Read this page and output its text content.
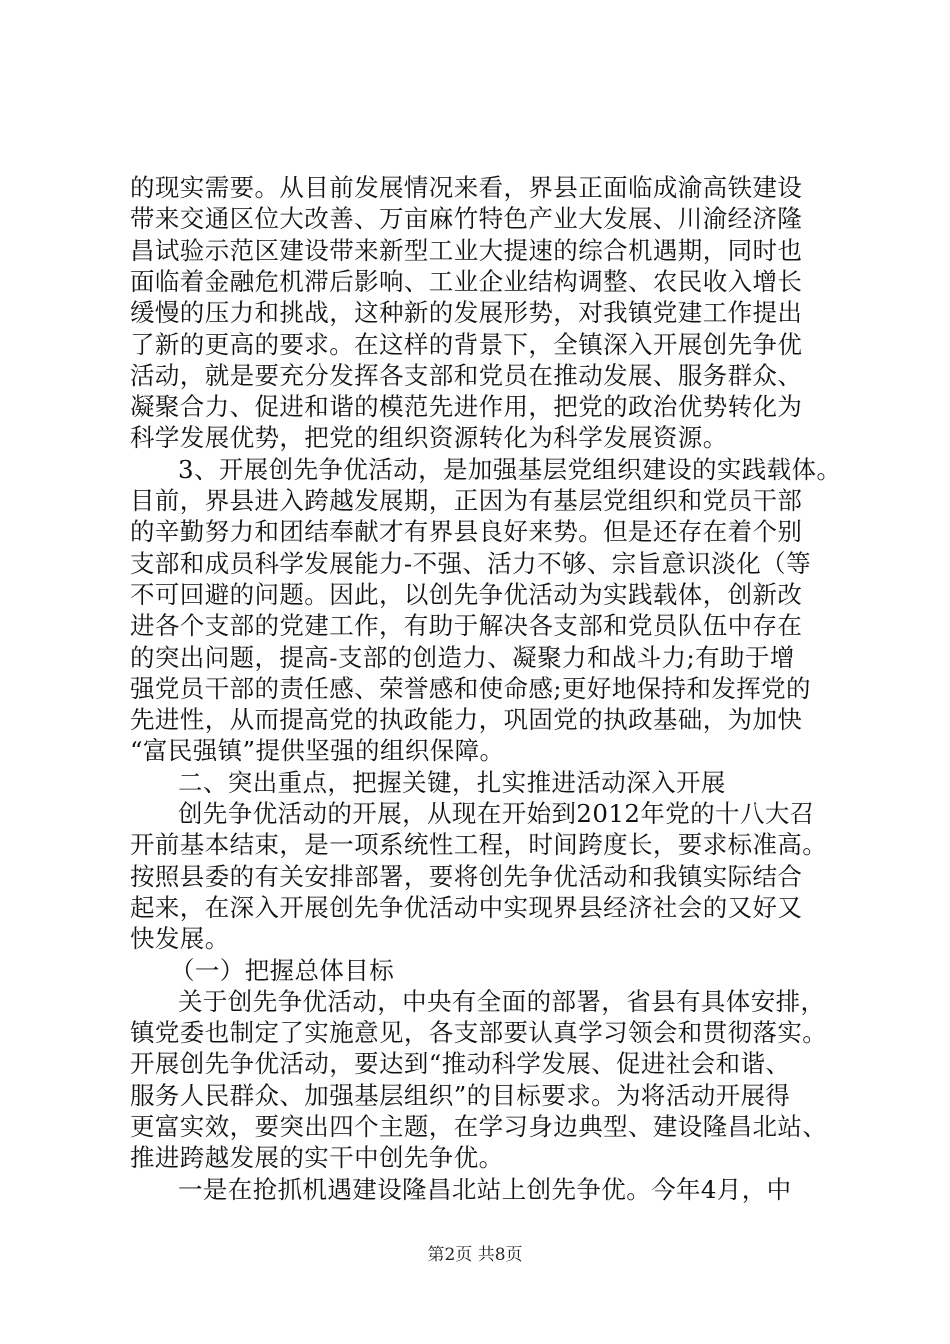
的现实需要。从目前发展情况来看，界县正面临成渝高铁建设
带来交通区位大改善、万亩麻竹特色产业大发展、川渝经济隆
昌试验示范区建设带来新型工业大提速的综合机遇期，同时也
面临着金融危机滞后影响、工业企业结构调整、农民收入增长
缓慢的压力和挑战，这种新的发展形势，对我镇党建工作提出
了新的更高的要求。在这样的背景下，全镇深入开展创先争优
活动，就是要充分发挥各支部和党员在推动发展、服务群众、
凝聚合力、促进和谐的模范先进作用，把党的政治优势转化为
科学发展优势，把党的组织资源转化为科学发展资源。
3、开展创先争优活动，是加强基层党组织建设的实践载体。
目前，界县进入跨越发展期，正因为有基层党组织和党员干部
的辛勤努力和团结奉献才有界县良好来势。但是还存在着个别
支部和成员科学发展能力-不强、活力不够、宗旨意识淡化（等
不可回避的问题。因此，以创先争优活动为实践载体，创新改
进各个支部的党建工作，有助于解决各支部和党员队伍中存在
的突出问题，提高-支部的创造力、凝聚力和战斗力;有助于增
强党员干部的责任感、荣誉感和使命感;更好地保持和发挥党的
先进性，从而提高党的执政能力，巩固党的执政基础，为加快
“富民强镇”提供坚强的组织保障。
二、突出重点，把握关键，扎实推进活动深入开展
创先争优活动的开展，从现在开始到2012年党的十八大召
开前基本结束，是一项系统性工程，时间跨度长，要求标准高。
按照县委的有关安排部署，要将创先争优活动和我镇实际结合
起来，在深入开展创先争优活动中实现界县经济社会的又好又
快发展。
（一）把握总体目标
关于创先争优活动，中央有全面的部署，省县有具体安排，
镇党委也制定了实施意见，各支部要认真学习领会和贯彻落实。
开展创先争优活动，要达到“推动科学发展、促进社会和谐、
服务人民群众、加强基层组织”的目标要求。为将活动开展得
更富实效，要突出四个主题，在学习身边典型、建设隆昌北站、
推进跨越发展的实干中创先争优。
一是在抢抓机遇建设隆昌北站上创先争优。今年4月，中
第2页 共8页
